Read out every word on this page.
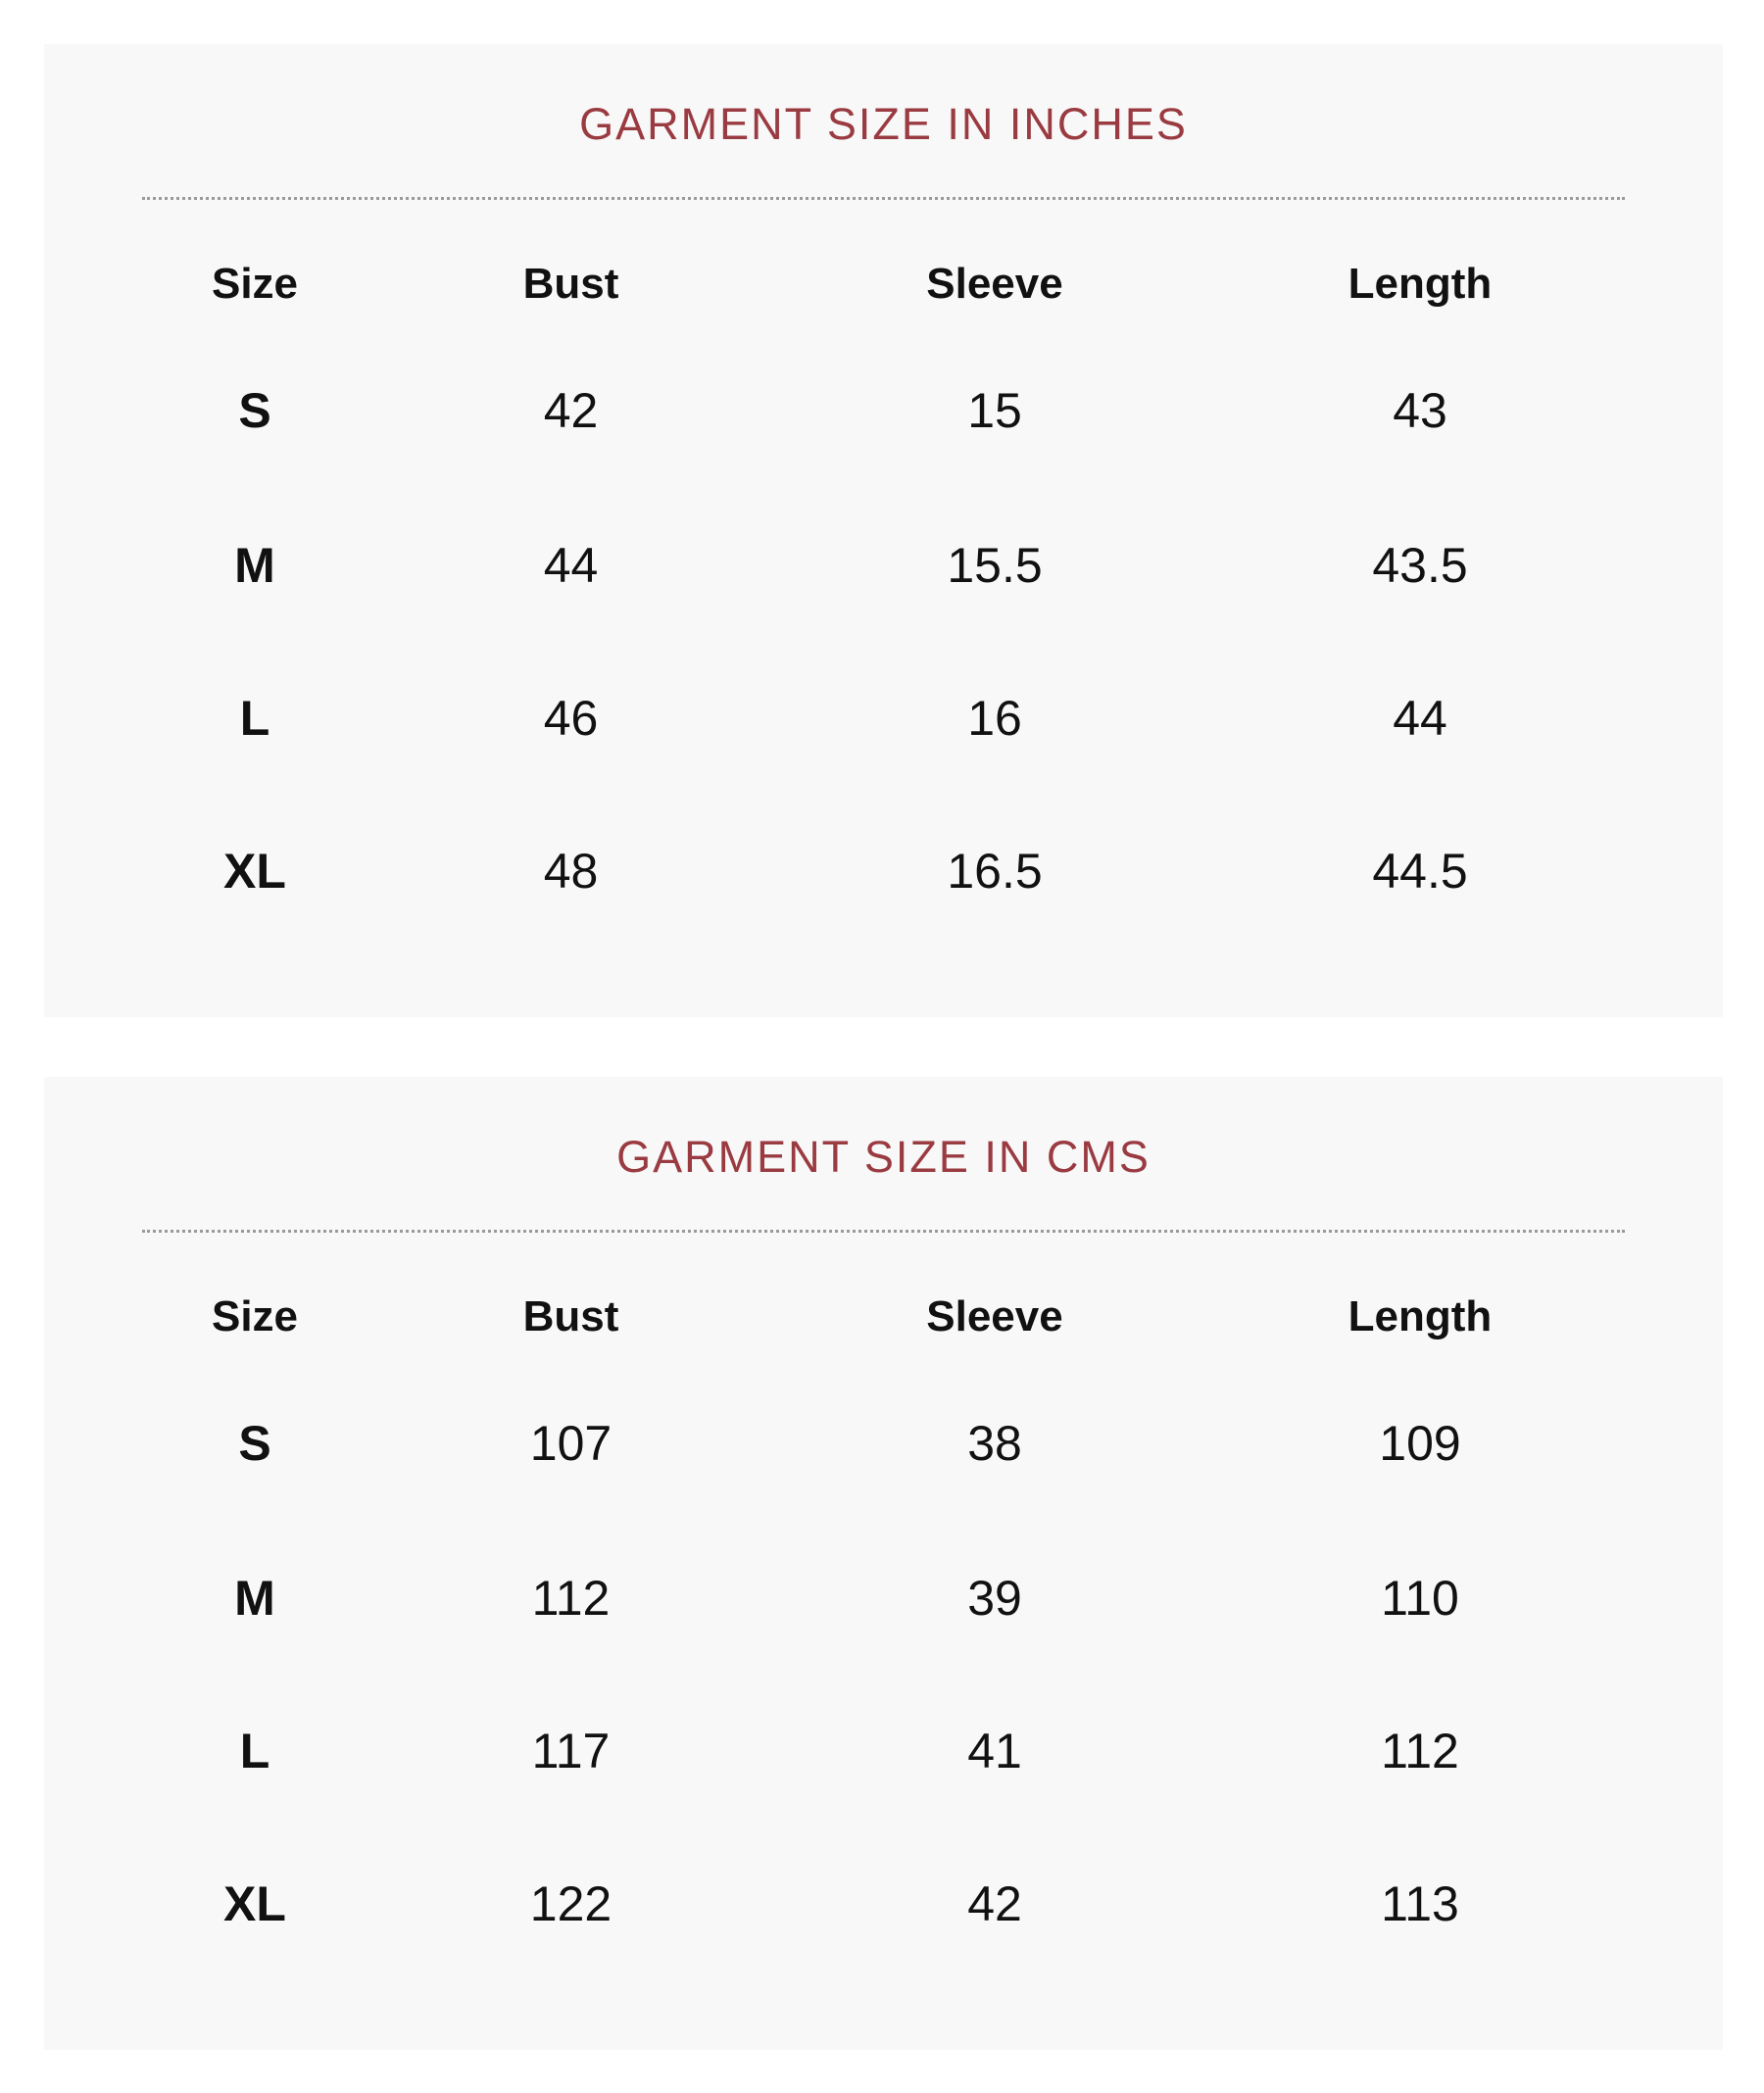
GARMENT SIZE IN INCHES
Size	Bust	Sleeve	Length
S	42	15	43
M	44	15.5	43.5
L	46	16	44
XL	48	16.5	44.5
GARMENT SIZE IN CMS
Size	Bust	Sleeve	Length
S	107	38	109
M	112	39	110
L	117	41	112
XL	122	42	113
